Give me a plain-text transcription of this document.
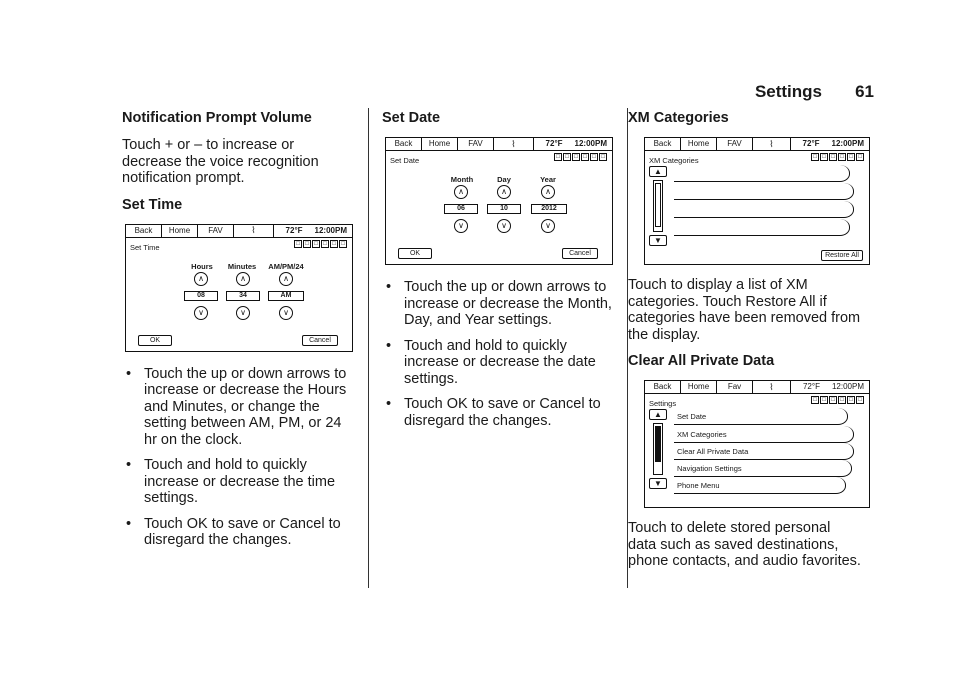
Settings 61
Notification Prompt Volume

Touch + or – to increase or
decrease the voice recognition
notification prompt.

Set Time
Back	Home	FAV	⌇	72°F 12:00PM
Set Time	□ □ □ □ □ □
Hours	Minutes	AM/PM/24
∧	∧	∧
08	34	AM
∨	∨	∨
OK	Cancel
• Touch the up or down arrows to
increase or decrease the Hours
and Minutes, or change the
setting between AM, PM, or 24
hr on the clock.
• Touch and hold to quickly
increase or decrease the time
settings.
• Touch OK to save or Cancel to
disregard the changes.
Set Date
Back	Home	FAV	⌇	72°F 12:00PM
Set Date	□ □ □ □ □ □
Month	Day	Year
∧	∧	∧
06	10	2012
∨	∨	∨
OK	Cancel
• Touch the up or down arrows to
increase or decrease the Month,
Day, and Year settings.
• Touch and hold to quickly
increase or decrease the date
settings.
• Touch OK to save or Cancel to
disregard the changes.
XM Categories
Back	Home	FAV	⌇	72°F 12:00PM
XM Categories	□ □ □ □ □ □
▲
▼
Restore All

Touch to display a list of XM
categories. Touch Restore All if
categories have been removed from
the display.

Clear All Private Data
Back	Home	Fav	⌇	72°F 12:00PM
Settings	□ □ □ □ □ □
▲
▼
Set Date
XM Categories
Clear All Private Data
Navigation Settings
Phone Menu

Touch to delete stored personal
data such as saved destinations,
phone contacts, and audio favorites.
